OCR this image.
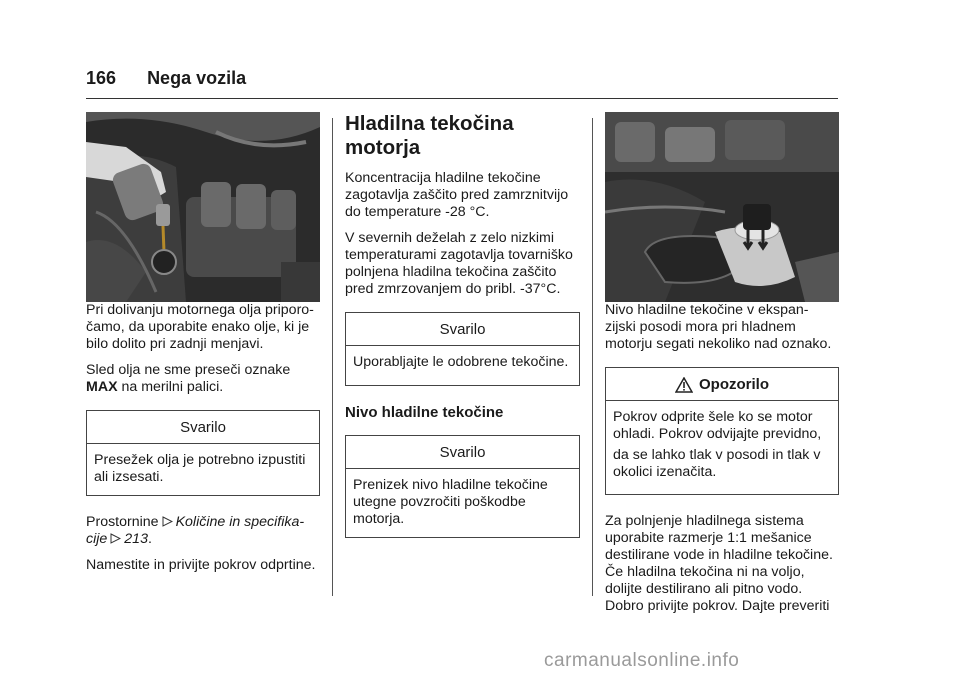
166 Nega vozila

Pri dolivanju motornega olja priporo-čamo, da uporabite enako olje, ki je bilo dolito pri zadnji menjavi.

Sled olja ne sme preseči oznake
MAX na merilni palici.

Svarilo
Presežek olja je potrebno izpustiti ali izsesati.

Prostornine Količine in specifika-cije 213.

Namestite in privijte pokrov odprtine.

Hladilna tekočina motorja

Koncentracija hladilne tekočine zagotavlja zaščito pred zamrznitvijo do temperature -28 °C.

V severnih deželah z zelo nizkimi temperaturami zagotavlja tovarniško polnjena hladilna tekočina zaščito pred zmrzovanjem do pribl. -37°C.

Svarilo
Uporabljajte le odobrene tekočine.
Nivo hladilne tekočine
Svarilo
Prenizek nivo hladilne tekočine utegne povzročiti poškodbe motorja.

Nivo hladilne tekočine v ekspan-zijski posodi mora pri hladnem motorju segati nekoliko nad oznako.

Opozorilo

Pokrov odprite šele ko se motor ohladi. Pokrov odvijajte previdno,

da se lahko tlak v posodi in tlak v okolici izenačita.

Za polnjenje hladilnega sistema uporabite razmerje 1:1 mešanice destilirane vode in hladilne tekočine. Če hladilna tekočina ni na voljo, dolijte destilirano ali pitno vodo. Dobro privijte pokrov. Dajte preveriti

carmanualsonline.info
